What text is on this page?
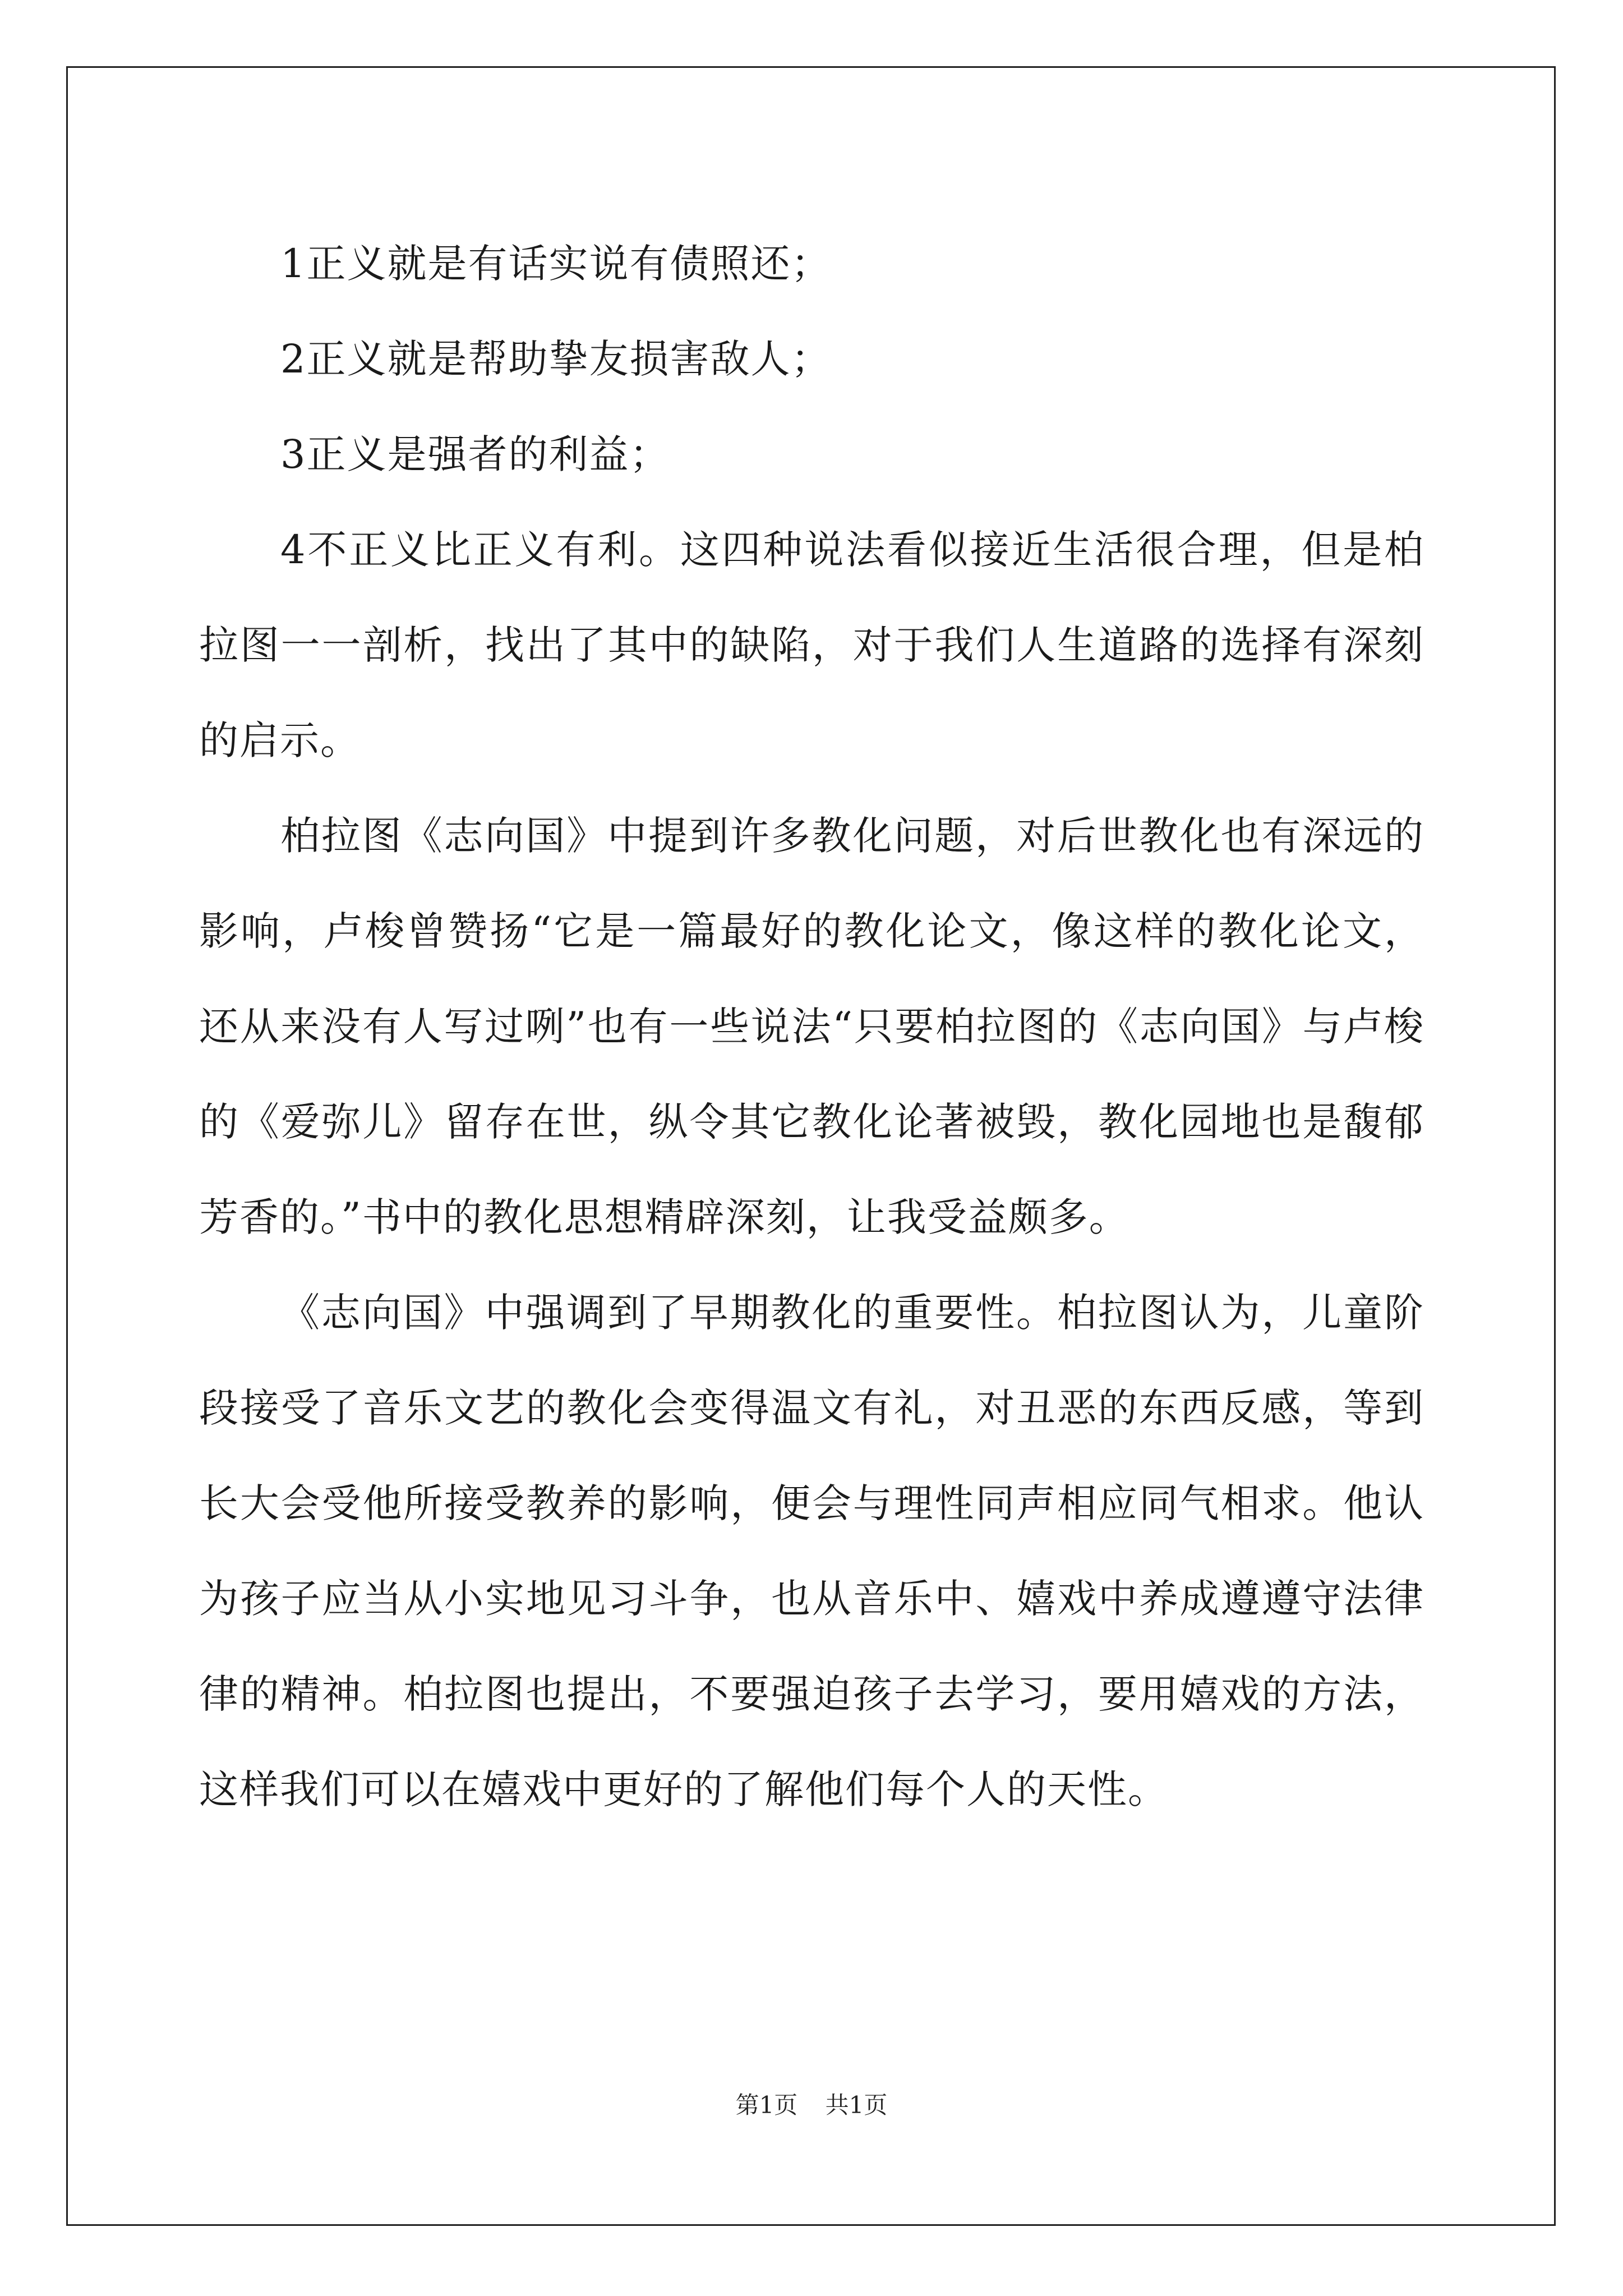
1正义就是有话实说有债照还；

2正义就是帮助挚友损害敌人；

3正义是强者的利益；

4不正义比正义有利。这四种说法看似接近生活很合理，但是柏拉图一一剖析，找出了其中的缺陷，对于我们人生道路的选择有深刻的启示。

柏拉图《志向国》中提到许多教化问题，对后世教化也有深远的影响，卢梭曾赞扬“它是一篇最好的教化论文，像这样的教化论文，还从来没有人写过咧”也有一些说法“只要柏拉图的《志向国》与卢梭的《爱弥儿》留存在世，纵令其它教化论著被毁，教化园地也是馥郁芳香的。”书中的教化思想精辟深刻，让我受益颇多。

《志向国》中强调到了早期教化的重要性。柏拉图认为，儿童阶段接受了音乐文艺的教化会变得温文有礼，对丑恶的东西反感，等到长大会受他所接受教养的影响，便会与理性同声相应同气相求。他认为孩子应当从小实地见习斗争，也从音乐中、嬉戏中养成遵遵守法律律的精神。柏拉图也提出，不要强迫孩子去学习，要用嬉戏的方法，这样我们可以在嬉戏中更好的了解他们每个人的天性。

第1页 共1页
